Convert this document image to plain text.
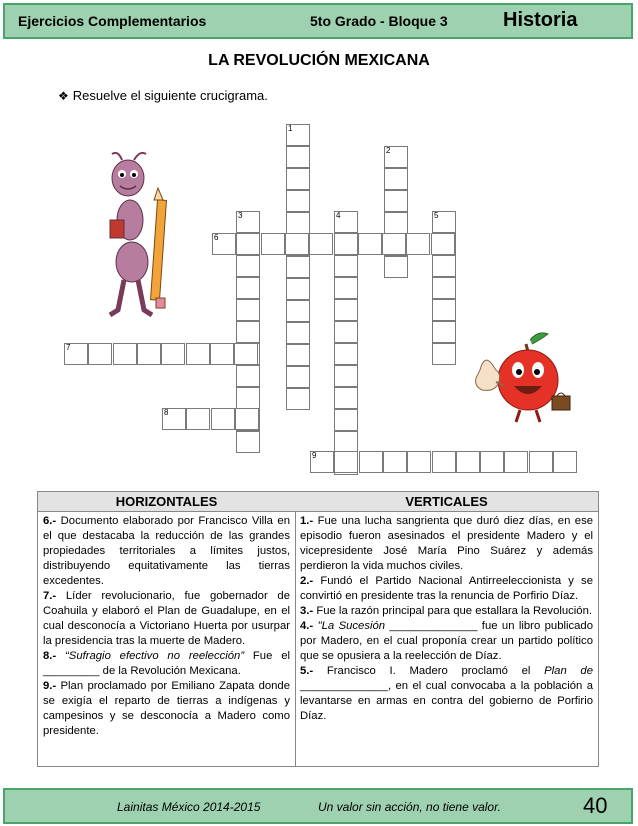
Ejercicios Complementarios	5to Grado - Bloque 3	Historia
LA REVOLUCIÓN MEXICANA
❖ Resuelve el siguiente crucigrama.
1
2
3	4	5
6
7
8
9
HORIZONTALES

6.- Documento elaborado por Francisco Villa en el que destacaba la reducción de las grandes propiedades territoriales a límites justos, distribuyendo equitativamente las tierras excedentes.

7.- Líder revolucionario, fue gobernador de Coahuila y elaboró el Plan de Guadalupe, en el cual desconocía a Victoriano Huerta por usurpar la presidencia tras la muerte de Madero.

8.- “Sufragio efectivo no reelección” Fue el _________ de la Revolución Mexicana.

9.- Plan proclamado por Emiliano Zapata donde se exigía el reparto de tierras a indígenas y campesinos y se desconocía a Madero como presidente.

VERTICALES

1.- Fue una lucha sangrienta que duró diez días, en ese episodio fueron asesinados el presidente Madero y el vicepresidente José María Pino Suárez y además perdieron la vida muchos civiles.

2.- Fundó el Partido Nacional Antirreeleccionista y se convirtió en presidente tras la renuncia de Porfirio Díaz.

3.- Fue la razón principal para que estallara la Revolución.

4.- "La Sucesión ______________ fue un libro publicado por Madero, en el cual proponía crear un partido político que se opusiera a la reelección de Díaz.

5.- Francisco I. Madero proclamó el Plan de ______________, en el cual convocaba a la población a levantarse en armas en contra del gobierno de Porfirio Díaz.

Lainitas México 2014-2015	Un valor sin acción, no tiene valor.	40
